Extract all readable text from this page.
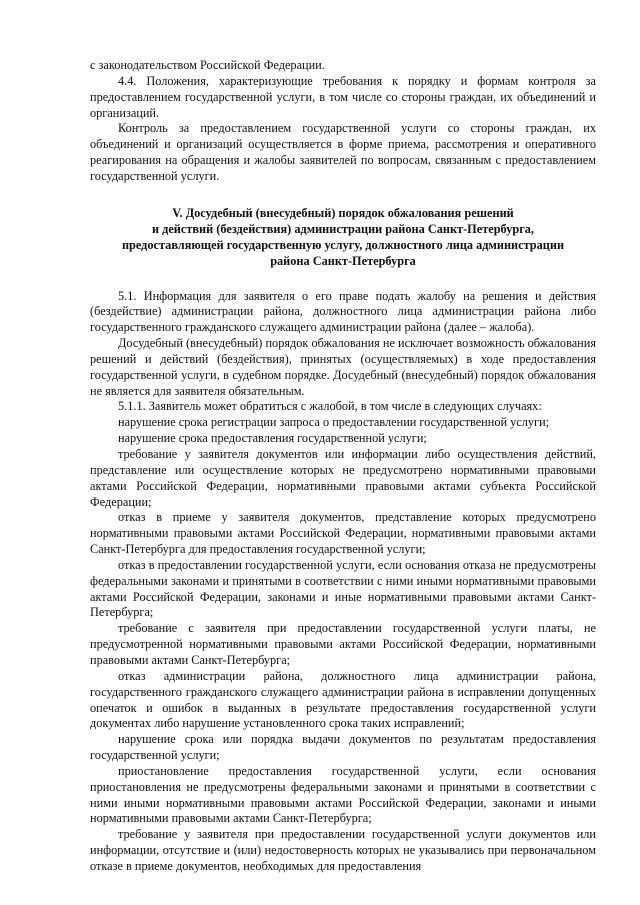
с законодательством Российской Федерации.

4.4. Положения, характеризующие требования к порядку и формам контроля за предоставлением государственной услуги, в том числе со стороны граждан, их объединений и организаций.

Контроль за предоставлением государственной услуги со стороны граждан, их объединений и организаций осуществляется в форме приема, рассмотрения и оперативного реагирования на обращения и жалобы заявителей по вопросам, связанным с предоставлением государственной услуги.

V. Досудебный (внесудебный) порядок обжалования решений
и действий (бездействия) администрации района Санкт-Петербурга,
предоставляющей государственную услугу, должностного лица администрации
района Санкт-Петербурга

5.1. Информация для заявителя о его праве подать жалобу на решения и действия (бездействие) администрации района, должностного лица администрации района либо государственного гражданского служащего администрации района (далее – жалоба).

Досудебный (внесудебный) порядок обжалования не исключает возможность обжалования решений и действий (бездействия), принятых (осуществляемых) в ходе предоставления государственной услуги, в судебном порядке. Досудебный (внесудебный) порядок обжалования не является для заявителя обязательным.

5.1.1. Заявитель может обратиться с жалобой, в том числе в следующих случаях:

нарушение срока регистрации запроса о предоставлении государственной услуги;

нарушение срока предоставления государственной услуги;

требование у заявителя документов или информации либо осуществления действий, представление или осуществление которых не предусмотрено нормативными правовыми актами Российской Федерации, нормативными правовыми актами субъекта Российской Федерации;

отказ в приеме у заявителя документов, представление которых предусмотрено нормативными правовыми актами Российской Федерации, нормативными правовыми актами Санкт-Петербурга для предоставления государственной услуги;

отказ в предоставлении государственной услуги, если основания отказа не предусмотрены федеральными законами и принятыми в соответствии с ними иными нормативными правовыми актами Российской Федерации, законами и иные нормативными правовыми актами Санкт-Петербурга;

требование с заявителя при предоставлении государственной услуги платы, не предусмотренной нормативными правовыми актами Российской Федерации, нормативными правовыми актами Санкт-Петербурга;

отказ администрации района, должностного лица администрации района, государственного гражданского служащего администрации района в исправлении допущенных опечаток и ошибок в выданных в результате предоставления государственной услуги документах либо нарушение установленного срока таких исправлений;

нарушение срока или порядка выдачи документов по результатам предоставления государственной услуги;

приостановление предоставления государственной услуги, если основания приостановления не предусмотрены федеральными законами и принятыми в соответствии с ними иными нормативными правовыми актами Российской Федерации, законами и иными нормативными правовыми актами Санкт-Петербурга;

требование у заявителя при предоставлении государственной услуги документов или информации, отсутствие и (или) недостоверность которых не указывались при первоначальном отказе в приеме документов, необходимых для предоставления
